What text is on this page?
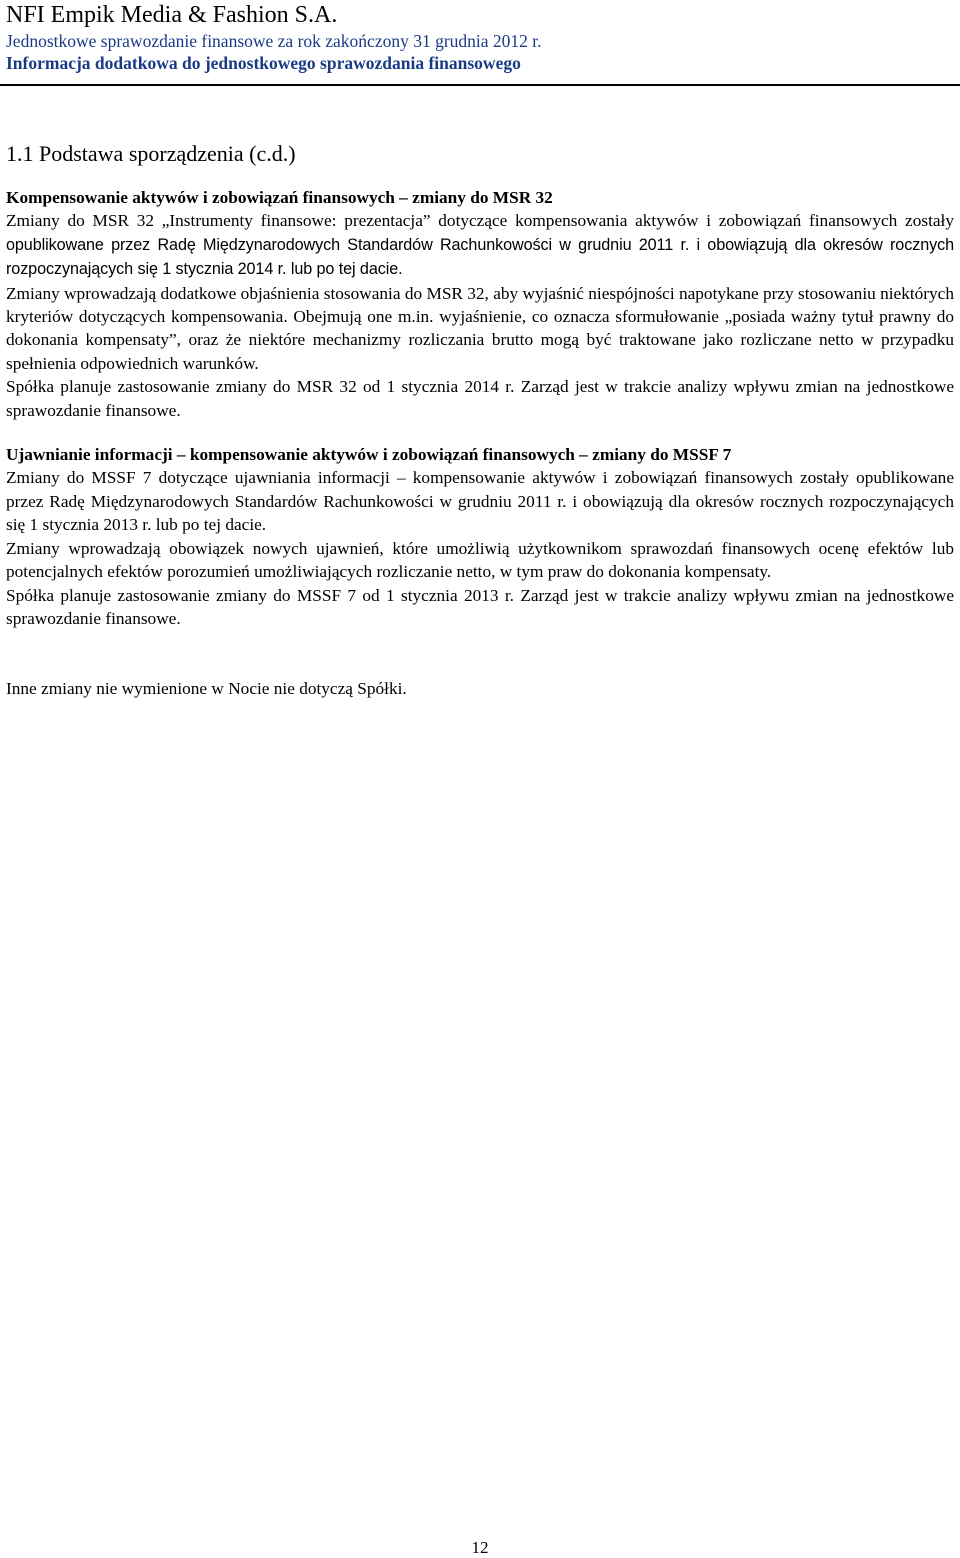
NFI Empik Media & Fashion S.A.
Jednostkowe sprawozdanie finansowe za rok zakończony 31 grudnia 2012 r.
Informacja dodatkowa do jednostkowego sprawozdania finansowego
1.1 Podstawa sporządzenia (c.d.)

Kompensowanie aktywów i zobowiązań finansowych – zmiany do MSR 32

Zmiany do MSR 32 „Instrumenty finansowe: prezentacja” dotyczące kompensowania aktywów i zobowiązań finansowych zostały opublikowane przez Radę Międzynarodowych Standardów Rachunkowości w grudniu 2011 r. i obowiązują dla okresów rocznych rozpoczynających się 1 stycznia 2014 r. lub po tej dacie.

Zmiany wprowadzają dodatkowe objaśnienia stosowania do MSR 32, aby wyjaśnić niespójności napotykane przy stosowaniu niektórych kryteriów dotyczących kompensowania. Obejmują one m.in. wyjaśnienie, co oznacza sformułowanie „posiada ważny tytuł prawny do dokonania kompensaty”, oraz że niektóre mechanizmy rozliczania brutto mogą być traktowane jako rozliczane netto w przypadku spełnienia odpowiednich warunków.

Spółka planuje zastosowanie zmiany do MSR 32 od 1 stycznia 2014 r. Zarząd jest w trakcie analizy wpływu zmian na jednostkowe sprawozdanie finansowe.

Ujawnianie informacji – kompensowanie aktywów i zobowiązań finansowych – zmiany do MSSF 7

Zmiany do MSSF 7 dotyczące ujawniania informacji – kompensowanie aktywów i zobowiązań finansowych zostały opublikowane przez Radę Międzynarodowych Standardów Rachunkowości w grudniu 2011 r. i obowiązują dla okresów rocznych rozpoczynających się 1 stycznia 2013 r. lub po tej dacie.

Zmiany wprowadzają obowiązek nowych ujawnień, które umożliwią użytkownikom sprawozdań finansowych ocenę efektów lub potencjalnych efektów porozumień umożliwiających rozliczanie netto, w tym praw do dokonania kompensaty.

Spółka planuje zastosowanie zmiany do MSSF 7 od 1 stycznia 2013 r. Zarząd jest w trakcie analizy wpływu zmian na jednostkowe sprawozdanie finansowe.

Inne zmiany nie wymienione w Nocie nie dotyczą Spółki.

12
